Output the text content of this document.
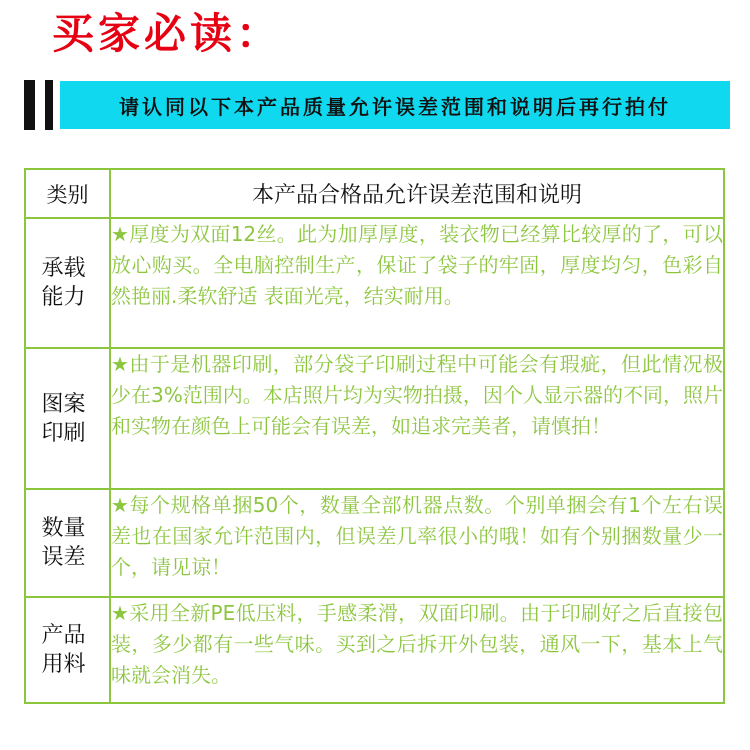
买家必读：
请认同以下本产品质量允许误差范围和说明后再行拍付
类别	本产品合格品允许误差范围和说明
承载能力	★厚度为双面12丝。此为加厚厚度，装衣物已经算比较厚的了，可以放心购买。全电脑控制生产，保证了袋子的牢固，厚度均匀，色彩自然艳丽.柔软舒适 表面光亮，结实耐用。
图案印刷	★由于是机器印刷，部分袋子印刷过程中可能会有瑕疵，但此情况极少在3%范围内。本店照片均为实物拍摄，因个人显示器的不同，照片和实物在颜色上可能会有误差，如追求完美者，请慎拍！
数量误差	★每个规格单捆50个，数量全部机器点数。个别单捆会有1个左右误差也在国家允许范围内，但误差几率很小的哦！如有个别捆数量少一个，请见谅！
产品用料	★采用全新PE低压料，手感柔滑，双面印刷。由于印刷好之后直接包装，多少都有一些气味。买到之后拆开外包装，通风一下，基本上气味就会消失。
